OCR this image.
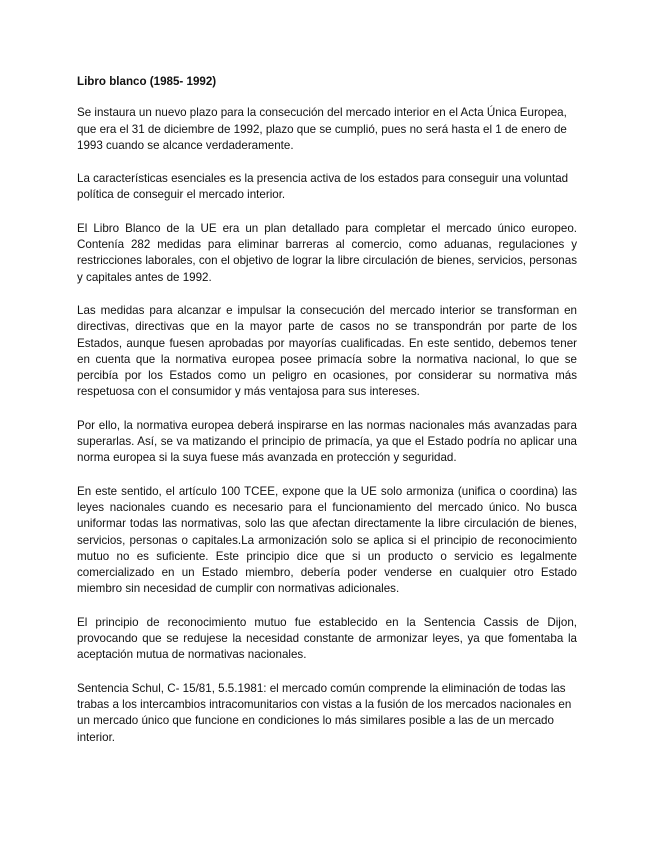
Libro blanco (1985- 1992)

Se instaura un nuevo plazo para la consecución del mercado interior en el Acta Única Europea, que era el 31 de diciembre de 1992, plazo que se cumplió, pues no será hasta el 1 de enero de 1993 cuando se alcance verdaderamente.

La características esenciales es la presencia activa de los estados para conseguir una voluntad política de conseguir el mercado interior.

El Libro Blanco de la UE era un plan detallado para completar el mercado único europeo. Contenía 282 medidas para eliminar barreras al comercio, como aduanas, regulaciones y restricciones laborales, con el objetivo de lograr la libre circulación de bienes, servicios, personas y capitales antes de 1992.

Las medidas para alcanzar e impulsar la consecución del mercado interior se transforman en directivas, directivas que en la mayor parte de casos no se transpondrán por parte de los Estados, aunque fuesen aprobadas por mayorías cualificadas. En este sentido, debemos tener en cuenta que la normativa europea posee primacía sobre la normativa nacional, lo que se percibía por los Estados como un peligro en ocasiones, por considerar su normativa más respetuosa con el consumidor y más ventajosa para sus intereses.

Por ello, la normativa europea deberá inspirarse en las normas nacionales más avanzadas para superarlas. Así, se va matizando el principio de primacía, ya que el Estado podría no aplicar una norma europea si la suya fuese más avanzada en protección y seguridad.

En este sentido, el artículo 100 TCEE, expone que la UE solo armoniza (unifica o coordina) las leyes nacionales cuando es necesario para el funcionamiento del mercado único. No busca uniformar todas las normativas, solo las que afectan directamente la libre circulación de bienes, servicios, personas o capitales.La armonización solo se aplica si el principio de reconocimiento mutuo no es suficiente. Este principio dice que si un producto o servicio es legalmente comercializado en un Estado miembro, debería poder venderse en cualquier otro Estado miembro sin necesidad de cumplir con normativas adicionales.

El principio de reconocimiento mutuo fue establecido en la Sentencia Cassis de Dijon, provocando que se redujese la necesidad constante de armonizar leyes, ya que fomentaba la aceptación mutua de normativas nacionales.

Sentencia Schul, C- 15/81, 5.5.1981: el mercado común comprende la eliminación de todas las trabas a los intercambios intracomunitarios con vistas a la fusión de los mercados nacionales en un mercado único que funcione en condiciones lo más similares posible a las de un mercado interior.
